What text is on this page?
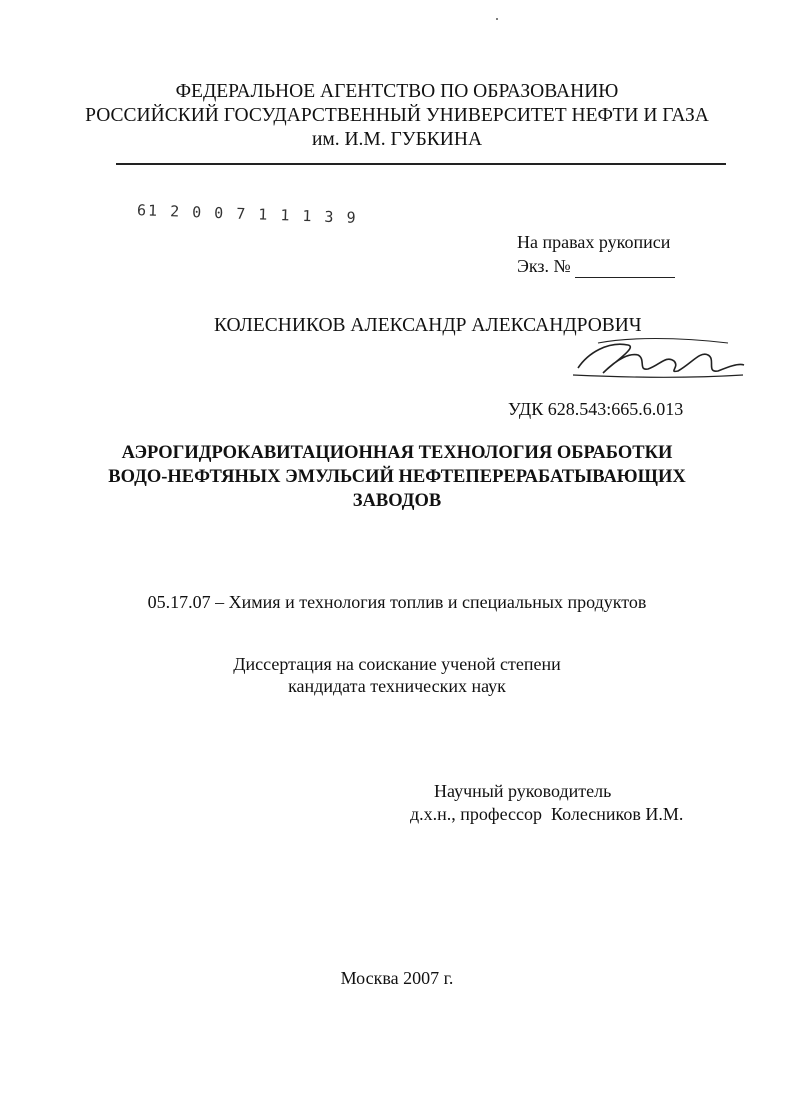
ФЕДЕРАЛЬНОЕ АГЕНТСТВО ПО ОБРАЗОВАНИЮ
РОССИЙСКИЙ ГОСУДАРСТВЕННЫЙ УНИВЕРСИТЕТ НЕФТИ И ГАЗА
им. И.М. ГУБКИНА
61 2 0 0 7 1 1 1 3 9
На правах рукописи
Экз. №
КОЛЕСНИКОВ АЛЕКСАНДР АЛЕКСАНДРОВИЧ
УДК 628.543:665.6.013
АЭРОГИДРОКАВИТАЦИОННАЯ ТЕХНОЛОГИЯ ОБРАБОТКИ
ВОДО-НЕФТЯНЫХ ЭМУЛЬСИЙ НЕФТЕПЕРЕРАБАТЫВАЮЩИХ
ЗАВОДОВ
05.17.07 – Химия и технология топлив и специальных продуктов
Диссертация на соискание ученой степени
кандидата технических наук
Научный руководитель
д.х.н., профессор  Колесников И.М.
Москва 2007 г.
